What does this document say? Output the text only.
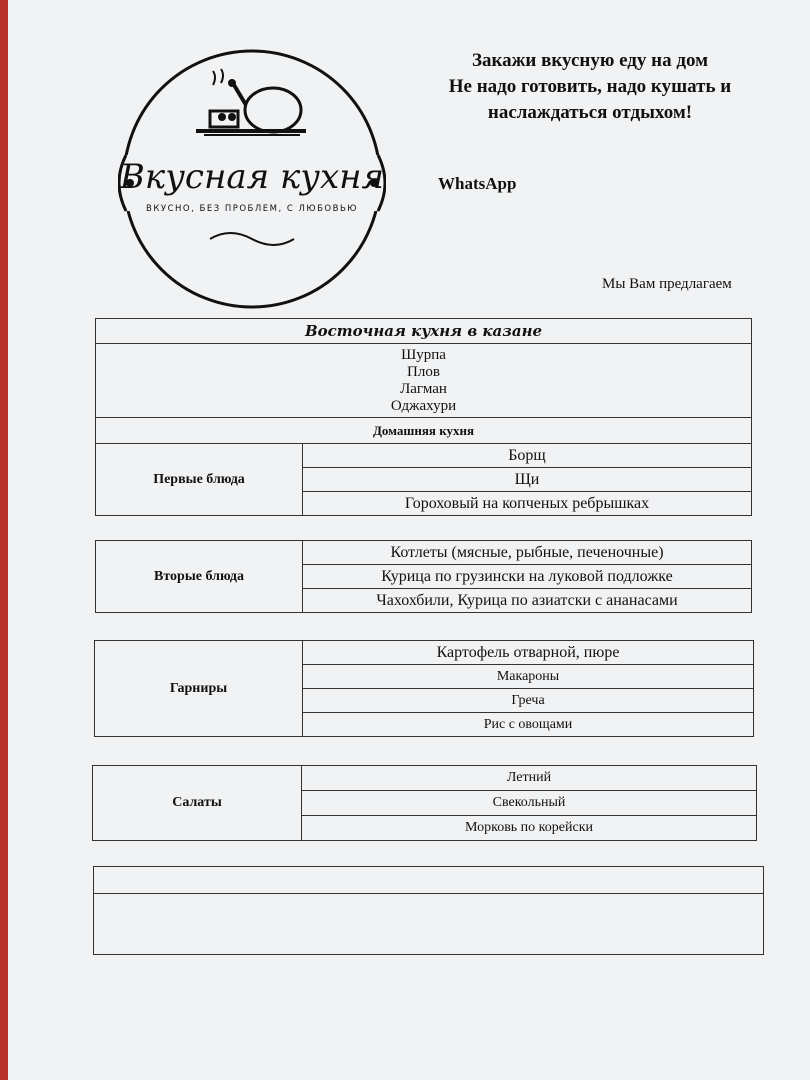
Вкусная кухня
ВКУСНО, БЕЗ ПРОБЛЕМ, С ЛЮБОВЬЮ
Закажи вкусную еду на дом
Не надо готовить, надо кушать и
наслаждаться отдыхом!
WhatsApp
Мы Вам предлагаем
Восточная кухня в казане

Шурпа
Плов
Лагман
Оджахури

Домашняя кухня
Первые блюда	Борщ
Щи
Гороховый на копченых ребрышках
Вторые блюда	Котлеты (мясные, рыбные, печеночные)
Курица по грузински на луковой подложке
Чахохбили, Курица по азиатски с ананасами
Гарниры	Картофель отварной, пюре
Макароны
Греча
Рис с овощами
Салаты	Летний
Свекольный
Морковь по корейски
